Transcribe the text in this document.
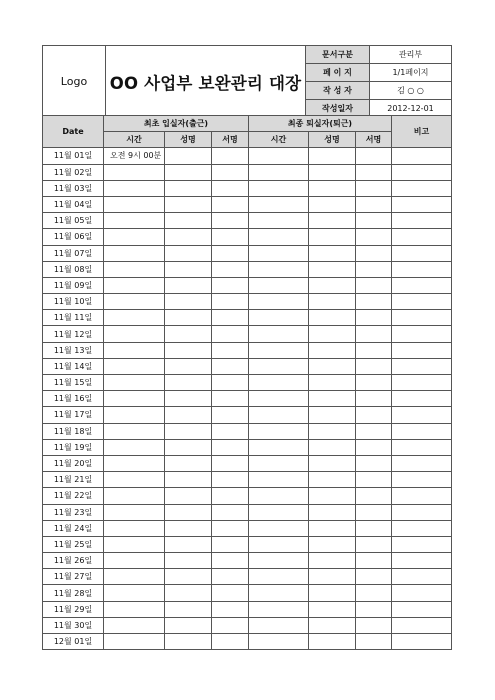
Logo	OO 사업부 보완관리 대장	문서구분	관리부
		페 이 지	1/1페이지
		작 성 자	김 ○ ○
		작성일자	2012-12-01
Date	최초 입실자(출근)			최종 퇴실자(퇴근)			비고
	시간	성명	서명	시간	성명	서명	
11월 01일	오전 9시 00분						
11월 02일							
11월 03일							
11월 04일							
11월 05일							
11월 06일							
11월 07일							
11월 08일							
11월 09일							
11월 10일							
11월 11일							
11월 12일							
11월 13일							
11월 14일							
11월 15일							
11월 16일							
11월 17일							
11월 18일							
11월 19일							
11월 20일							
11월 21일							
11월 22일							
11월 23일							
11월 24일							
11월 25일							
11월 26일							
11월 27일							
11월 28일							
11월 29일							
11월 30일							
12월 01일							
